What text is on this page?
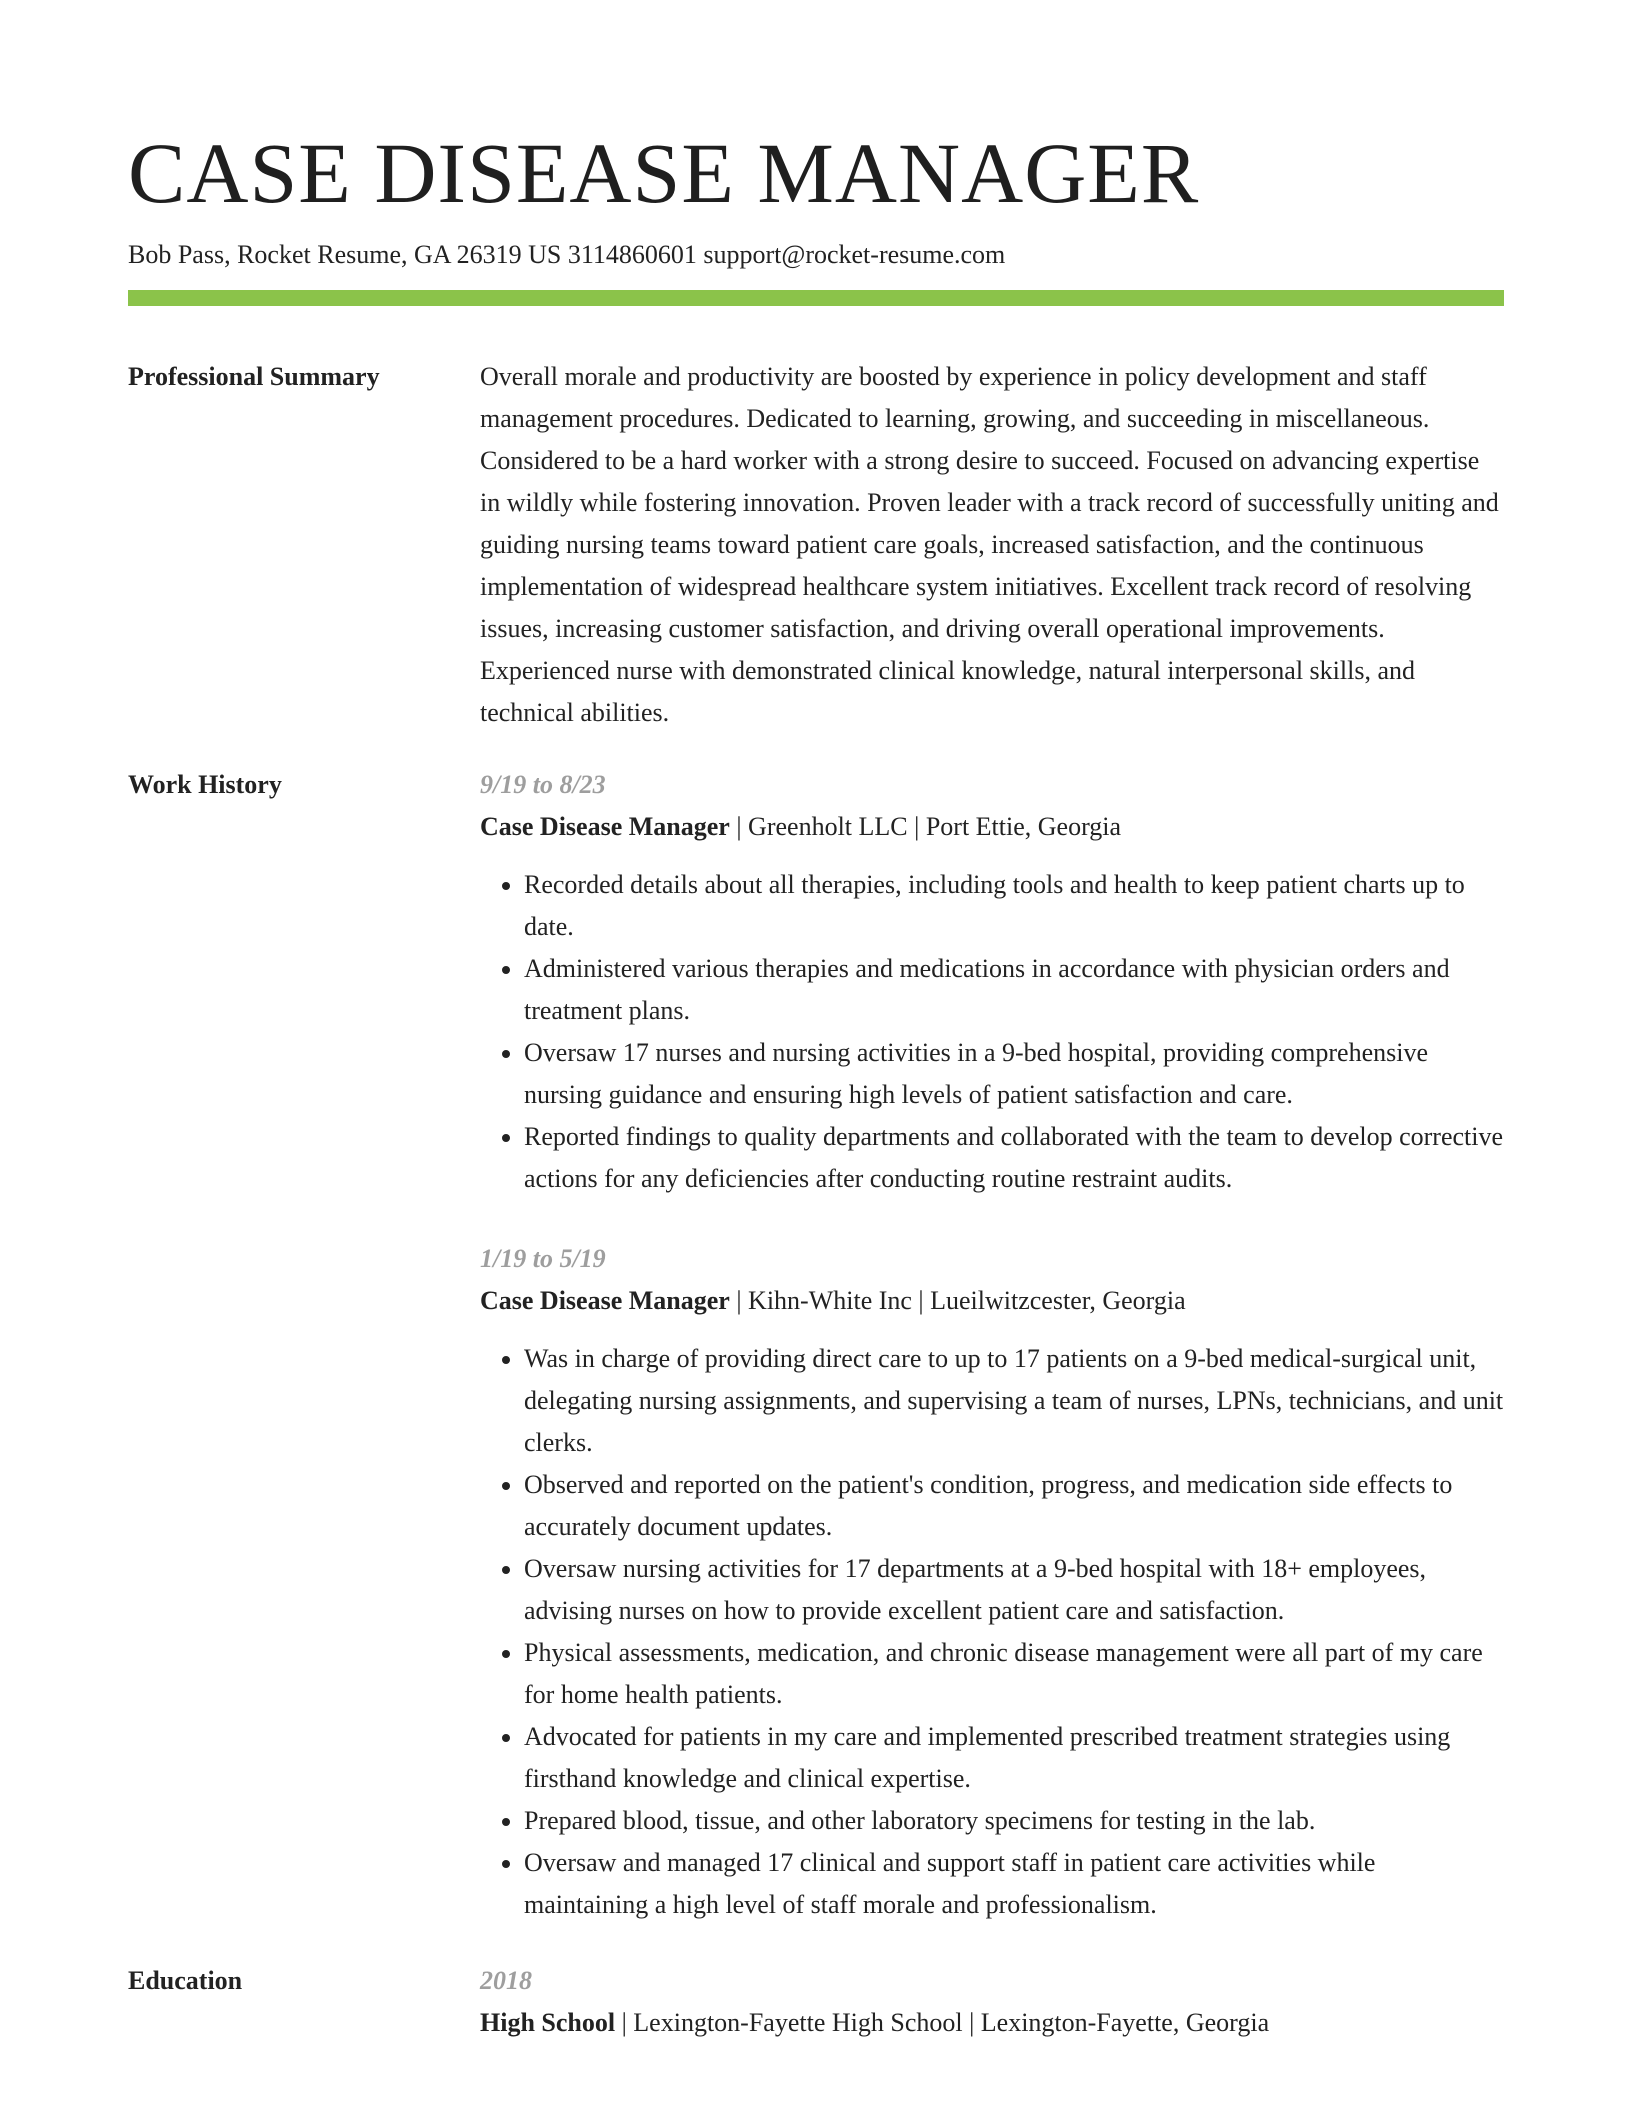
CASE DISEASE MANAGER
Bob Pass, Rocket Resume, GA 26319 US 3114860601 support@rocket-resume.com
Professional Summary	Overall morale and productivity are boosted by experience in policy development and staff management procedures. Dedicated to learning, growing, and succeeding in miscellaneous. Considered to be a hard worker with a strong desire to succeed. Focused on advancing expertise in wildly while fostering innovation. Proven leader with a track record of successfully uniting and guiding nursing teams toward patient care goals, increased satisfaction, and the continuous implementation of widespread healthcare system initiatives. Excellent track record of resolving issues, increasing customer satisfaction, and driving overall operational improvements. Experienced nurse with demonstrated clinical knowledge, natural interpersonal skills, and technical abilities.
Work History	9/19 to 8/23
Case Disease Manager | Greenholt LLC | Port Ettie, Georgia
• Recorded details about all therapies, including tools and health to keep patient charts up to date.
• Administered various therapies and medications in accordance with physician orders and treatment plans.
• Oversaw 17 nurses and nursing activities in a 9-bed hospital, providing comprehensive nursing guidance and ensuring high levels of patient satisfaction and care.
• Reported findings to quality departments and collaborated with the team to develop corrective actions for any deficiencies after conducting routine restraint audits.
1/19 to 5/19
Case Disease Manager | Kihn-White Inc | Lueilwitzcester, Georgia
• Was in charge of providing direct care to up to 17 patients on a 9-bed medical-surgical unit, delegating nursing assignments, and supervising a team of nurses, LPNs, technicians, and unit clerks.
• Observed and reported on the patient's condition, progress, and medication side effects to accurately document updates.
• Oversaw nursing activities for 17 departments at a 9-bed hospital with 18+ employees, advising nurses on how to provide excellent patient care and satisfaction.
• Physical assessments, medication, and chronic disease management were all part of my care for home health patients.
• Advocated for patients in my care and implemented prescribed treatment strategies using firsthand knowledge and clinical expertise.
• Prepared blood, tissue, and other laboratory specimens for testing in the lab.
• Oversaw and managed 17 clinical and support staff in patient care activities while maintaining a high level of staff morale and professionalism.
Education	2018
High School | Lexington-Fayette High School | Lexington-Fayette, Georgia
